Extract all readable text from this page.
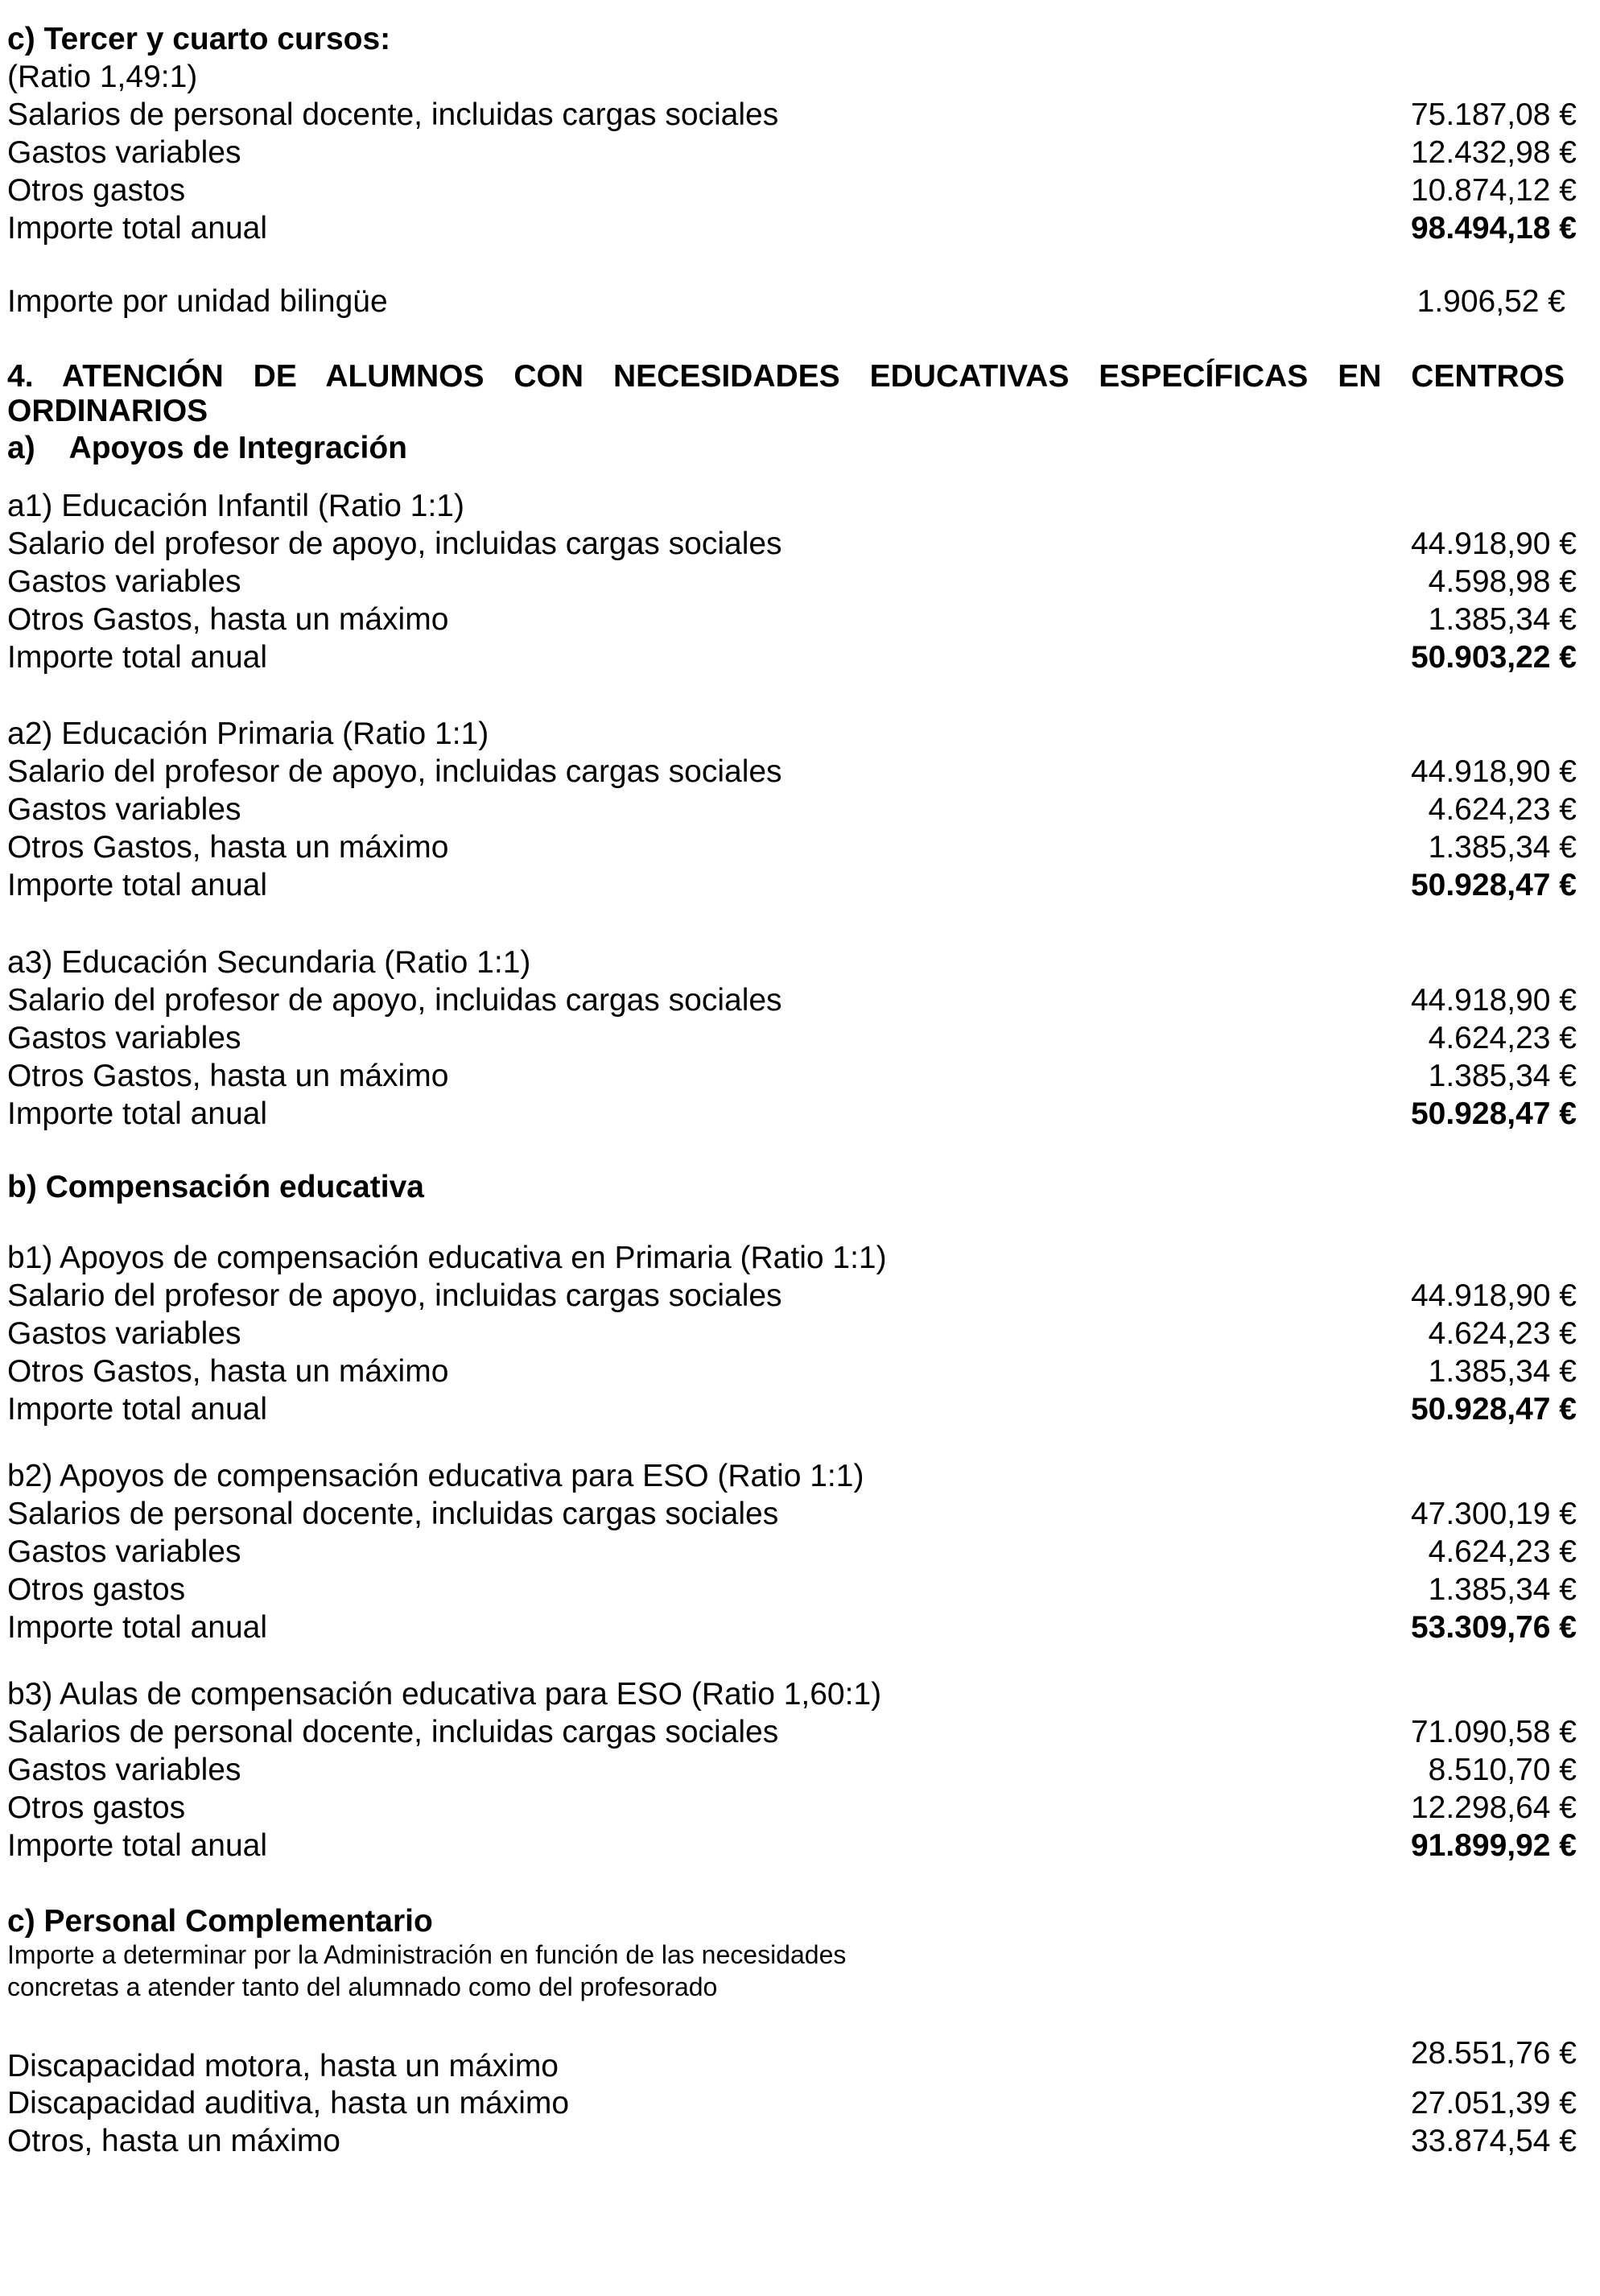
c) Tercer y cuarto cursos:
(Ratio 1,49:1)
Salarios de personal docente, incluidas cargas sociales	75.187,08 €
Gastos variables	12.432,98 €
Otros gastos	10.874,12 €
Importe total anual	98.494,18 €
Importe por unidad bilingüe	1.906,52 €
4. ATENCIÓN DE ALUMNOS CON NECESIDADES EDUCATIVAS ESPECÍFICAS EN CENTROS
ORDINARIOS
a)    Apoyos de Integración
a1) Educación Infantil (Ratio 1:1)
Salario del profesor de apoyo, incluidas cargas sociales	44.918,90 €
Gastos variables	4.598,98 €
Otros Gastos, hasta un máximo	1.385,34 €
Importe total anual	50.903,22 €
a2) Educación Primaria (Ratio 1:1)
Salario del profesor de apoyo, incluidas cargas sociales	44.918,90 €
Gastos variables	4.624,23 €
Otros Gastos, hasta un máximo	1.385,34 €
Importe total anual	50.928,47 €
a3) Educación Secundaria (Ratio 1:1)
Salario del profesor de apoyo, incluidas cargas sociales	44.918,90 €
Gastos variables	4.624,23 €
Otros Gastos, hasta un máximo	1.385,34 €
Importe total anual	50.928,47 €
b) Compensación educativa
b1) Apoyos de compensación educativa en Primaria (Ratio 1:1)
Salario del profesor de apoyo, incluidas cargas sociales	44.918,90 €
Gastos variables	4.624,23 €
Otros Gastos, hasta un máximo	1.385,34 €
Importe total anual	50.928,47 €
b2) Apoyos de compensación educativa para ESO (Ratio 1:1)
Salarios de personal docente, incluidas cargas sociales	47.300,19 €
Gastos variables	4.624,23 €
Otros gastos	1.385,34 €
Importe total anual	53.309,76 €
b3) Aulas de compensación educativa para ESO (Ratio 1,60:1)
Salarios de personal docente, incluidas cargas sociales	71.090,58 €
Gastos variables	8.510,70 €
Otros gastos	12.298,64 €
Importe total anual	91.899,92 €
c) Personal Complementario
Importe a determinar por la Administración en función de las necesidades
concretas a atender tanto del alumnado como del profesorado
Discapacidad motora, hasta un máximo	28.551,76 €
Discapacidad auditiva, hasta un máximo	27.051,39 €
Otros, hasta un máximo	33.874,54 €
